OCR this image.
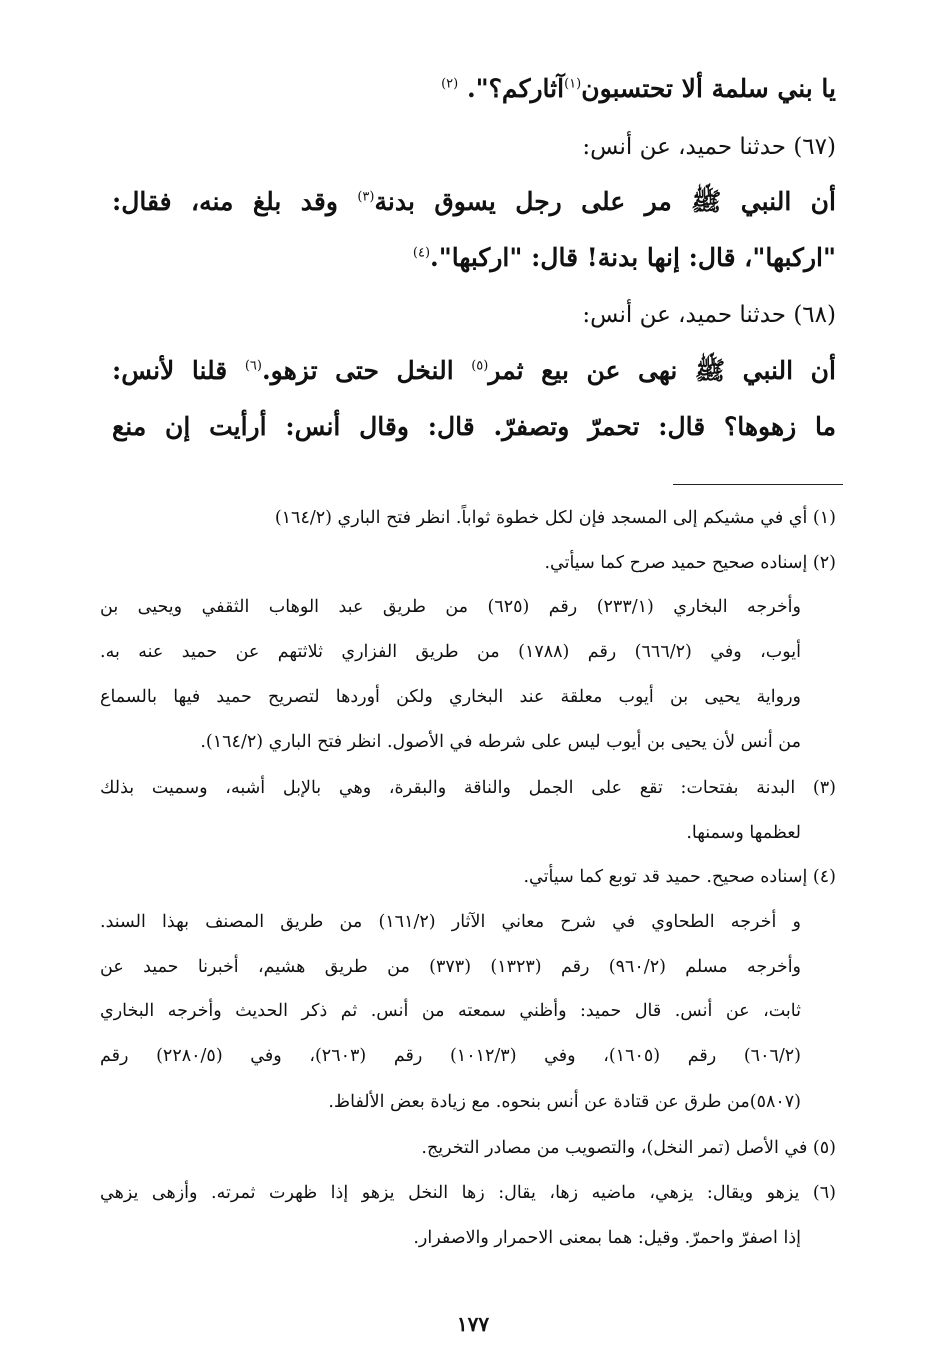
يا بني سلمة ألا تحتسبون$^{(١)}$آثاركم؟". $^{(٢)}$
(٦٧) حدثنا حميد، عن أنس:
أن النبي ﷺ مر على رجل يسوق بدنة$^{(٣)}$ وقد بلغ منه، فقال:
"اركبها"، قال: إنها بدنة! قال: "اركبها".$^{(٤)}$
(٦٨) حدثنا حميد، عن أنس:
أن النبي ﷺ نهى عن بيع ثمر$^{(٥)}$ النخل حتى تزهو.$^{(٦)}$ قلنا لأنس:
ما زهوها؟ قال: تحمرّ وتصفرّ. قال: وقال أنس: أرأيت إن منع
(١) أي في مشيكم إلى المسجد فإن لكل خطوة ثواباً. انظر فتح الباري (١٦٤/٢)
(٢) إسناده صحيح حميد صرح كما سيأتي.
وأخرجه البخاري (٢٣٣/١) رقم (٦٢٥) من طريق عبد الوهاب الثقفي ويحيى بن
أيوب، وفي (٦٦٦/٢) رقم (١٧٨٨) من طريق الفزاري ثلاثتهم عن حميد عنه به.
ورواية يحيى بن أيوب معلقة عند البخاري ولكن أوردها لتصريح حميد فيها بالسماع
من أنس لأن يحيى بن أيوب ليس على شرطه في الأصول. انظر فتح الباري (١٦٤/٢).
(٣) البدنة بفتحات: تقع على الجمل والناقة والبقرة، وهي بالإبل أشبه، وسميت بذلك
لعظمها وسمنها.
(٤) إسناده صحيح. حميد قد توبع كما سيأتي.
و أخرجه الطحاوي في شرح معاني الآثار (١٦١/٢) من طريق المصنف بهذا السند.
وأخرجه مسلم (٩٦٠/٢) رقم (١٣٢٣) (٣٧٣) من طريق هشيم، أخبرنا حميد عن
ثابت، عن أنس. قال حميد: وأظني سمعته من أنس. ثم ذكر الحديث وأخرجه البخاري
(٦٠٦/٢) رقم (١٦٠٥)، وفي (١٠١٢/٣) رقم (٢٦٠٣)، وفي (٢٢٨٠/٥) رقم
(٥٨٠٧)من طرق عن قتادة عن أنس بنحوه. مع زيادة بعض الألفاظ.
(٥) في الأصل (تمر النخل)، والتصويب من مصادر التخريج.
(٦) يزهو ويقال: يزهي، ماضيه زها، يقال: زها النخل يزهو إذا ظهرت ثمرته. وأزهى يزهي
إذا اصفرّ واحمرّ. وقيل: هما بمعنى الاحمرار والاصفرار.
١٧٧
